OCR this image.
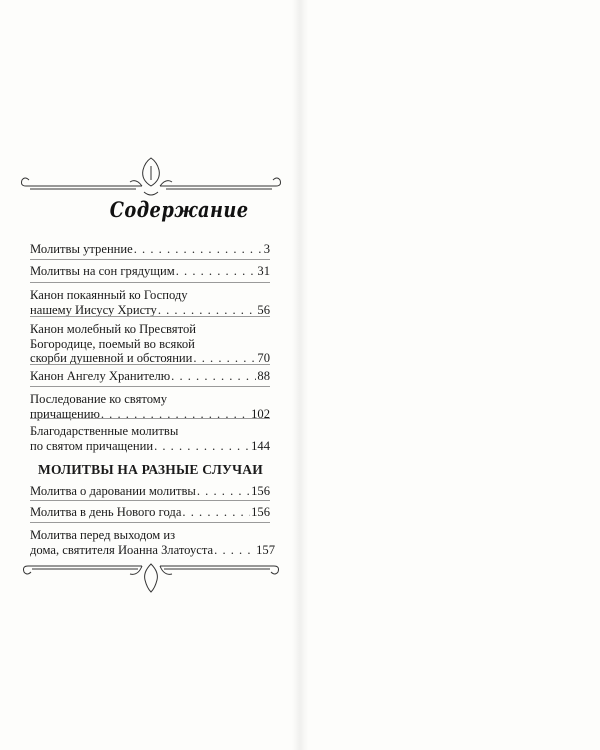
Содержание
Молитвы утренние . . .	3
Молитвы на сон грядущим . . .	31
Канон покаянный ко Господу
нашему Иисусу Христу . . .	56
Канон молебный ко Пресвятой
Богородице, поемый во всякой
скорби душевной и обстоянии . . .	70
Канон Ангелу Хранителю . . .	88
Последование ко святому
причащению . . .	102
Благодарственные молитвы
по святом причащении . . .	144
МОЛИТВЫ НА РАЗНЫЕ СЛУЧАИ
Молитва о даровании молитвы . . .	156
Молитва в день Нового года . . .	156
Молитва перед выходом из
дома, святителя Иоанна Златоуста . . .	157
